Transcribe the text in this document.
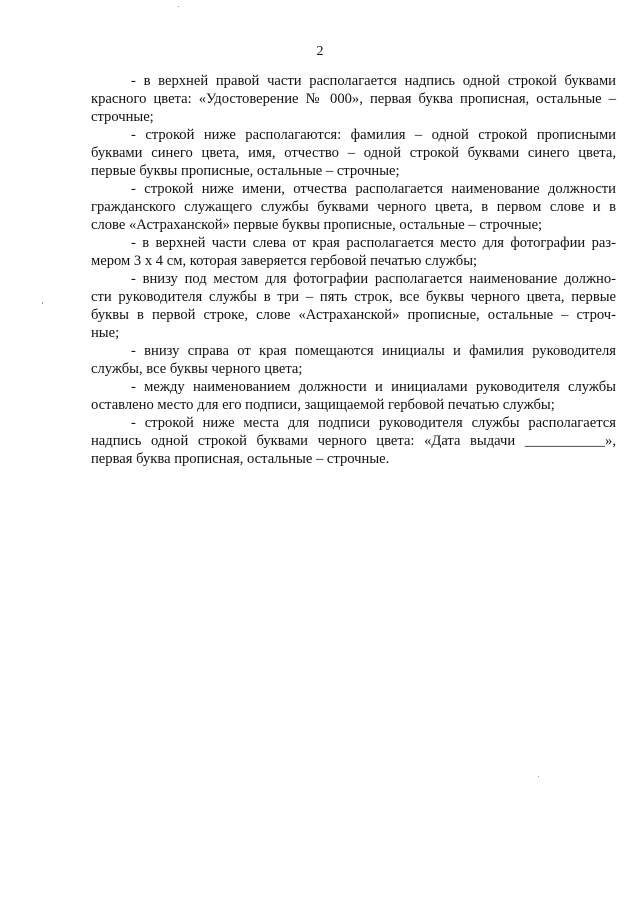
2

- в верхней правой части располагается надпись одной строкой буквами
красного цвета: «Удостоверение № 000», первая буква прописная, остальные –
строчные;

- строкой ниже располагаются: фамилия – одной строкой прописными
буквами синего цвета, имя, отчество – одной строкой буквами синего цвета,
первые буквы прописные, остальные – строчные;

- строкой ниже имени, отчества располагается наименование должности
гражданского служащего службы буквами черного цвета, в первом слове и в
слове «Астраханской» первые буквы прописные, остальные – строчные;

- в верхней части слева от края располагается место для фотографии раз-
мером 3 х 4 см, которая заверяется гербовой печатью службы;

- внизу под местом для фотографии располагается наименование должно-
сти руководителя службы в три – пять строк, все буквы черного цвета, первые
буквы в первой строке, слове «Астраханской» прописные, остальные – строч-
ные;

- внизу справа от края помещаются инициалы и фамилия руководителя
службы, все буквы черного цвета;

- между наименованием должности и инициалами руководителя службы
оставлено место для его подписи, защищаемой гербовой печатью службы;

- строкой ниже места для подписи руководителя службы располагается
надпись одной строкой буквами черного цвета: «Дата выдачи ___________»,
первая буква прописная, остальные – строчные.
